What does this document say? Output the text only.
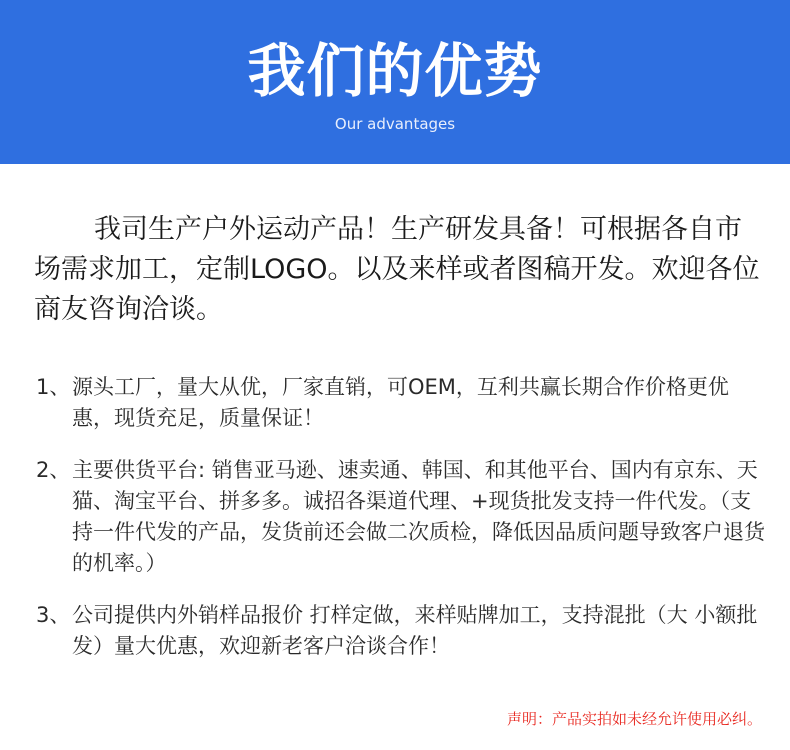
我们的优势
Our advantages
我司生产户外运动产品！生产研发具备！可根据各自市场需求加工，定制LOGO。以及来样或者图稿开发。欢迎各位商友咨询洽谈。
1、 源头工厂，量大从优，厂家直销，可OEM，互利共赢长期合作价格更优惠，现货充足，质量保证！
2、 主要供货平台: 销售亚马逊、速卖通、韩国、和其他平台、国内有京东、天猫、淘宝平台、拼多多。诚招各渠道代理、+现货批发支持一件代发。（支持一件代发的产品，发货前还会做二次质检，降低因品质问题导致客户退货的机率。）
3、 公司提供内外销样品报价 打样定做，来样贴牌加工，支持混批（大 小额批发）量大优惠，欢迎新老客户洽谈合作！
声明：产品实拍如未经允许使用必纠。
